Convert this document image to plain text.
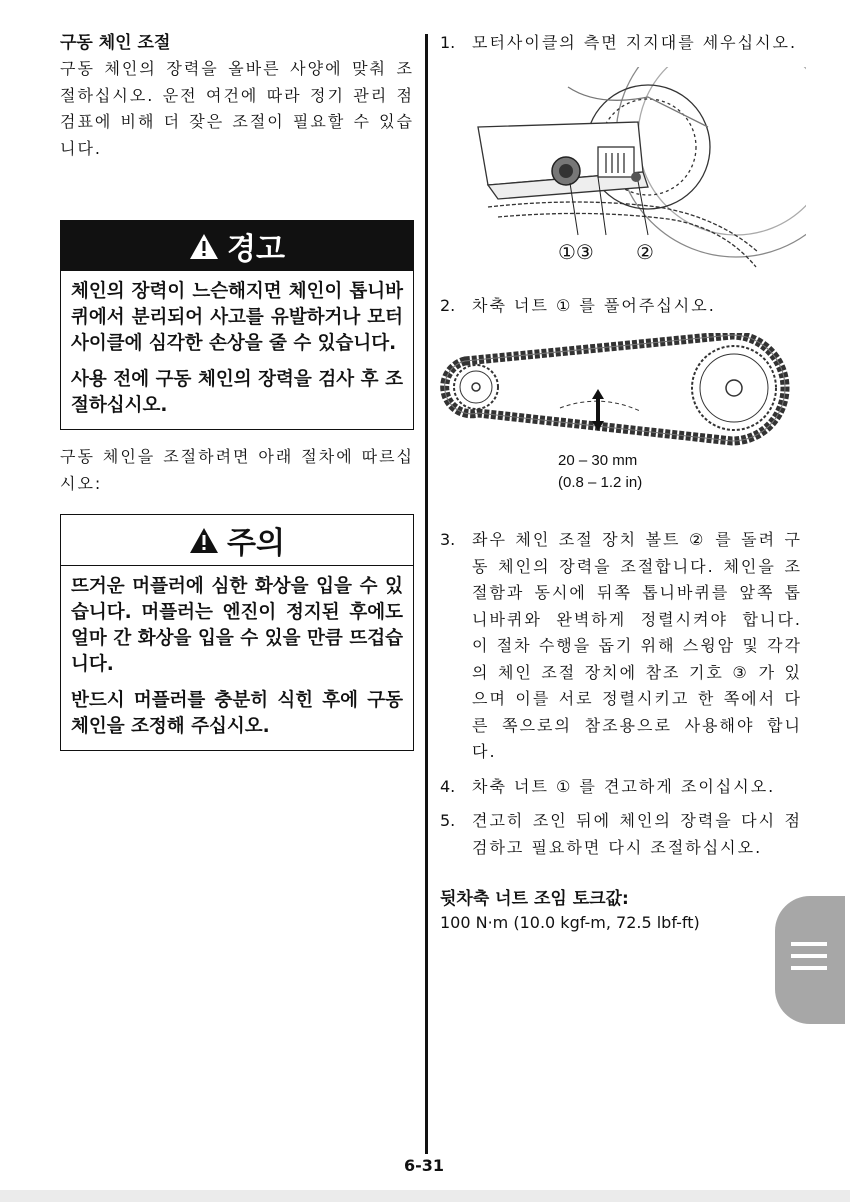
구동 체인 조절

구동 체인의 장력을 올바른 사양에 맞춰 조절하십시오. 운전 여건에 따라 정기 관리 점검표에 비해 더 잦은 조절이 필요할 수 있습니다.

경고

체인의 장력이 느슨해지면 체인이 톱니바퀴에서 분리되어 사고를 유발하거나 모터사이클에 심각한 손상을 줄 수 있습니다.

사용 전에 구동 체인의 장력을 검사 후 조절하십시오.

구동 체인을 조절하려면 아래 절차에 따르십시오:

주의

뜨거운 머플러에 심한 화상을 입을 수 있습니다. 머플러는 엔진이 정지된 후에도 얼마 간 화상을 입을 수 있을 만큼 뜨겁습니다.

반드시 머플러를 충분히 식힌 후에 구동 체인을 조정해 주십시오.

1.	모터사이클의 측면 지지대를 세우십시오.
①③ ②
2.	차축 너트 ① 를 풀어주십시오.
20 – 30 mm
(0.8 – 1.2 in)
3.	좌우 체인 조절 장치 볼트 ② 를 돌려 구동 체인의 장력을 조절합니다. 체인을 조절함과 동시에 뒤쪽 톱니바퀴를 앞쪽 톱니바퀴와 완벽하게 정렬시켜야 합니다. 이 절차 수행을 돕기 위해 스윙암 및 각각의 체인 조절 장치에 참조 기호 ③ 가 있으며 이를 서로 정렬시키고 한 쪽에서 다른 쪽으로의 참조용으로 사용해야 합니다.
4.	차축 너트 ① 를 견고하게 조이십시오.
5.	견고히 조인 뒤에 체인의 장력을 다시 점검하고 필요하면 다시 조절하십시오.
뒷차축 너트 조임 토크값:
100 N·m (10.0 kgf-m, 72.5 lbf-ft)
6-31
